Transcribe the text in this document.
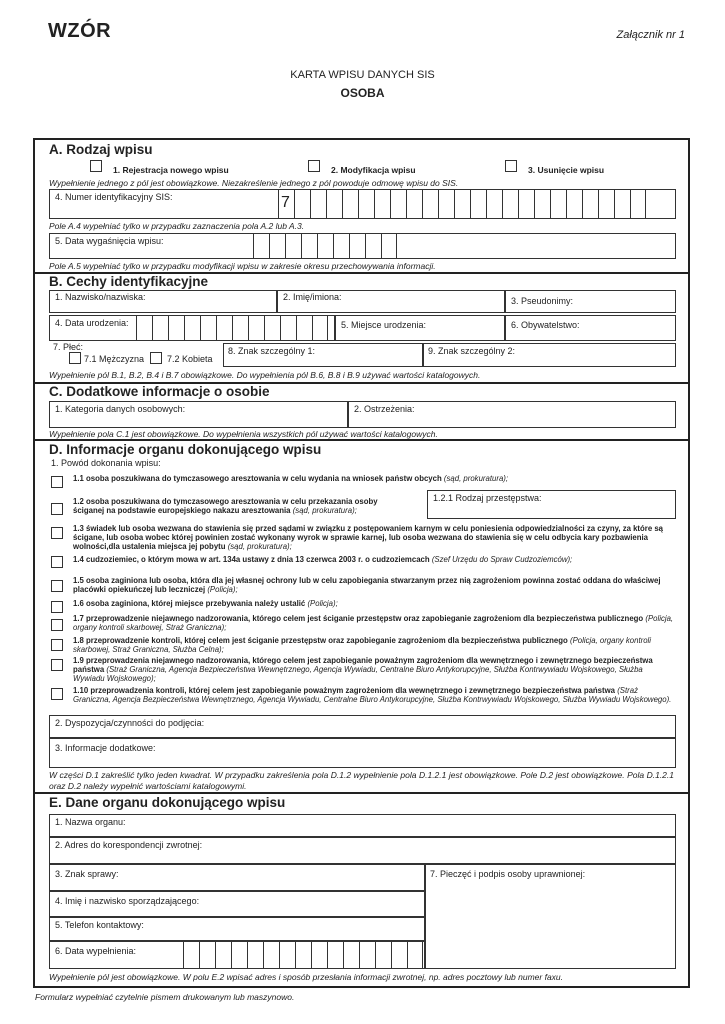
WZÓR	Załącznik nr 1
KARTA WPISU DANYCH SIS
OSOBA
A. Rodzaj wpisu
1. Rejestracja nowego wpisu	2. Modyfikacja wpisu	3. Usunięcie wpisu
Wypełnienie jednego z pól jest obowiązkowe. Niezakreślenie jednego z pól powoduje odmowę wpisu do SIS.
4. Numer identyfikacyjny SIS:	7
Pole A.4 wypełniać tylko w przypadku zaznaczenia pola A.2 lub A.3.
5. Data wygaśnięcia wpisu:
Pole A.5 wypełniać tylko w przypadku modyfikacji wpisu w zakresie okresu przechowywania informacji.
B. Cechy identyfikacyjne
1. Nazwisko/nazwiska:	2. Imię/imiona:	3. Pseudonimy:
4. Data urodzenia:	5. Miejsce urodzenia:	6. Obywatelstwo:
7. Płeć:
7.1 Mężczyzna	7.2 Kobieta
8. Znak szczególny 1:	9. Znak szczególny 2:
Wypełnienie pól B.1, B.2, B.4 i B.7 obowiązkowe. Do wypełnienia pól B.6, B.8 i B.9 używać wartości katalogowych.
C. Dodatkowe informacje o osobie
1. Kategoria danych osobowych:	2. Ostrzeżenia:
Wypełnienie pola C.1 jest obowiązkowe. Do wypełnienia wszystkich pól używać wartości katalogowych.
D. Informacje organu dokonującego wpisu
1. Powód dokonania wpisu:
1.1 osoba poszukiwana do tymczasowego aresztowania w celu wydania na wniosek państw obcych (sąd, prokuratura);
1.2 osoba poszukiwana do tymczasowego aresztowania w celu przekazania osoby ściganej na podstawie europejskiego nakazu aresztowania (sąd, prokuratura);
1.2.1 Rodzaj przestępstwa:
1.3 świadek lub osoba wezwana do stawienia się przed sądami w związku z postępowaniem karnym w celu poniesienia odpowiedzialności za czyny, za które są ścigane, lub osoba wobec której powinien zostać wykonany wyrok w sprawie karnej, lub osoba wezwana do stawienia się w celu odbycia kary pozbawienia wolności,dla ustalenia miejsca jej pobytu (sąd, prokuratura);
1.4 cudzoziemiec, o którym mowa w art. 134a ustawy z dnia 13 czerwca 2003 r. o cudzoziemcach (Szef Urzędu do Spraw Cudzoziemców);
1.5 osoba zaginiona lub osoba, która dla jej własnej ochrony lub w celu zapobiegania stwarzanym przez nią zagrożeniom powinna zostać oddana do właściwej placówki opiekuńczej lub leczniczej (Policja);
1.6 osoba zaginiona, której miejsce przebywania należy ustalić (Policja);
1.7 przeprowadzenie niejawnego nadzorowania, którego celem jest ściganie przestępstw oraz zapobieganie zagrożeniom dla bezpieczeństwa publicznego (Policja, organy kontroli skarbowej, Straż Graniczna);
1.8 przeprowadzenie kontroli, której celem jest ściganie przestępstw oraz zapobieganie zagrożeniom dla bezpieczeństwa publicznego (Policja, organy kontroli skarbowej, Straż Graniczna, Służba Celna);
1.9 przeprowadzenia niejawnego nadzorowania, którego celem jest zapobieganie poważnym zagrożeniom dla wewnętrznego i zewnętrznego bezpieczeństwa państwa (Straż Graniczna, Agencja Bezpieczeństwa Wewnętrznego, Agencja Wywiadu, Centralne Biuro Antykorupcyjne, Służba Kontrwywiadu Wojskowego, Służba Wywiadu Wojskowego);
1.10 przeprowadzenia kontroli, której celem jest zapobieganie poważnym zagrożeniom dla wewnętrznego i zewnętrznego bezpieczeństwa państwa (Straż Graniczna, Agencja Bezpieczeństwa Wewnętrznego, Agencja Wywiadu, Centralne Biuro Antykorupcyjne, Służba Kontrwywiadu Wojskowego, Służba Wywiadu Wojskowego).
2. Dyspozycja/czynności do podjęcia:
3. Informacje dodatkowe:
W części D.1 zakreślić tylko jeden kwadrat. W przypadku zakreślenia pola D.1.2 wypełnienie pola D.1.2.1 jest obowiązkowe. Pole D.2 jest obowiązkowe. Pola D.1.2.1 oraz D.2 należy wypełnić wartościami katalogowymi.
E. Dane organu dokonującego wpisu
1. Nazwa organu:
2. Adres do korespondencji zwrotnej:
3. Znak sprawy:	7. Pieczęć i podpis osoby uprawnionej:
4. Imię i nazwisko sporządzającego:
5. Telefon kontaktowy:
6. Data wypełnienia:
Wypełnienie pól jest obowiązkowe. W polu E.2 wpisać adres i sposób przesłania informacji zwrotnej, np. adres pocztowy lub numer faxu.
Formularz wypełniać czytelnie pismem drukowanym lub maszynowo.
